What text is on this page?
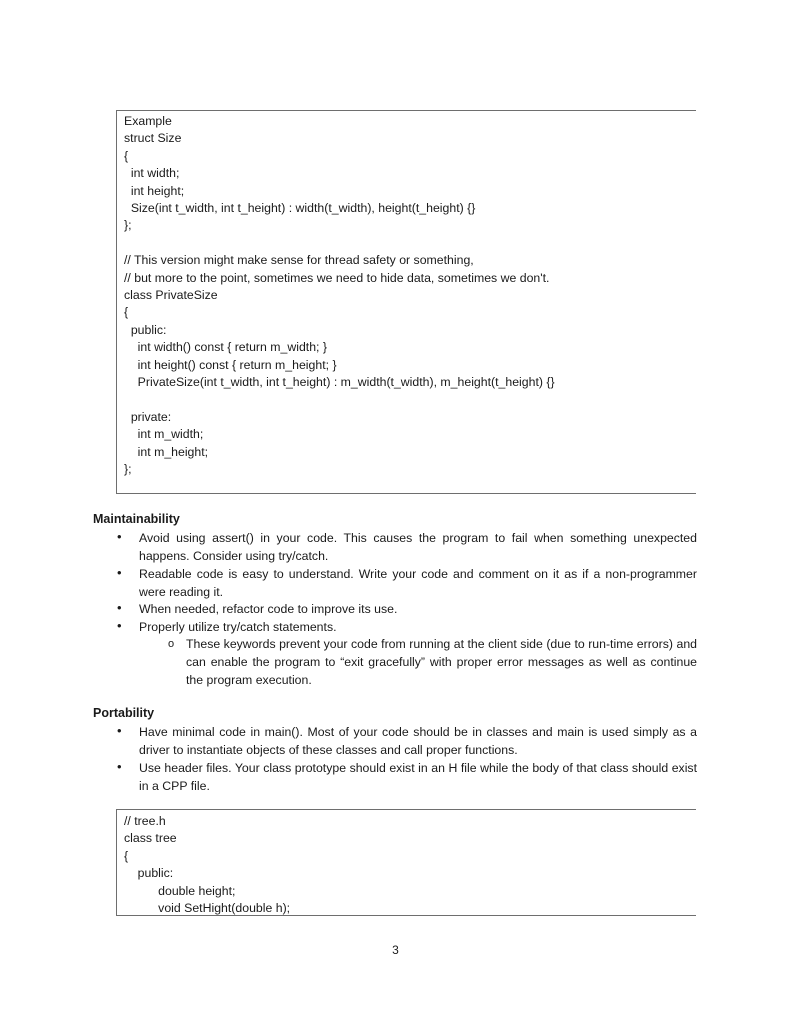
Example
struct Size
{
int width;
int height;
Size(int t_width, int t_height) : width(t_width), height(t_height) {}
};
// This version might make sense for thread safety or something,
// but more to the point, sometimes we need to hide data, sometimes we don't.
class PrivateSize
{
public:
int width() const { return m_width; }
int height() const { return m_height; }
PrivateSize(int t_width, int t_height) : m_width(t_width), m_height(t_height) {}
private:
int m_width;
int m_height;
};
Maintainability
• Avoid using assert() in your code. This causes the program to fail when something unexpected happens. Consider using try/catch.
• Readable code is easy to understand. Write your code and comment on it as if a non-programmer were reading it.
• When needed, refactor code to improve its use.
• Properly utilize try/catch statements.
o These keywords prevent your code from running at the client side (due to run-time errors) and can enable the program to “exit gracefully” with proper error messages as well as continue the program execution.
Portability
• Have minimal code in main(). Most of your code should be in classes and main is used simply as a driver to instantiate objects of these classes and call proper functions.
• Use header files. Your class prototype should exist in an H file while the body of that class should exist in a CPP file.
// tree.h
class tree
{
public:
double height;
void SetHight(double h);
3
